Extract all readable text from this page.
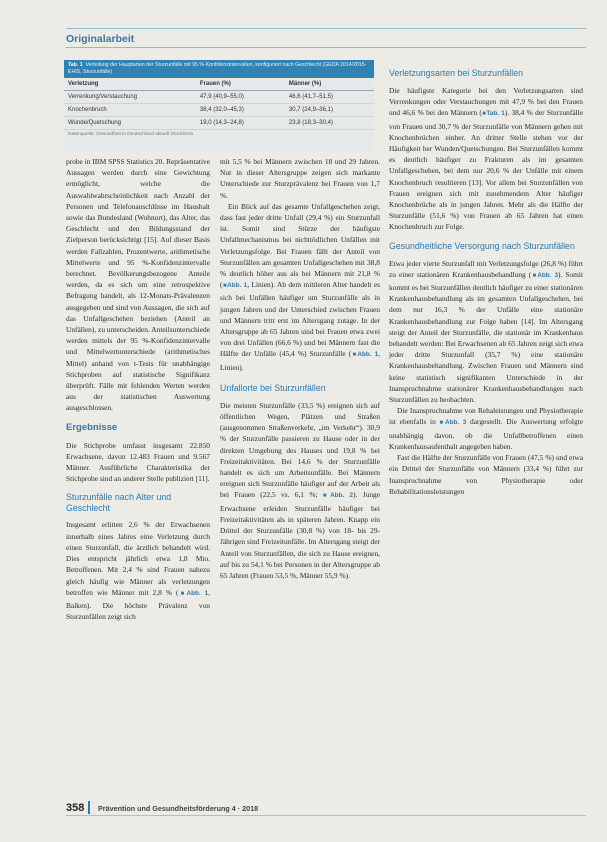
Originalarbeit
Tab. 1 Verteilung der Hauptarten der Sturzunfälle mit 95 %-Konfidenzintervallen, konfiguriert nach Geschlecht (GEDA 2014/2015-EHIS, Sturzunfälle)
Verletzung	Frauen (%)	Männer (%)
Verrenkung/Verstauchung	47,9 (40,9–55,0)	46,6 (41,7–51,5)
Knochenbruch	38,4 (32,0–45,3)	30,7 (24,9–36,1)
Wunde/Quetschung	19,0 (14,3–24,8)	23,8 (18,3–30,4)
Datenquelle: Gesundheit in Deutschland aktuell 2014/2015

probe in IBM SPSS Statistics 20. Repräsentative Aussagen werden durch eine Gewichtung ermöglicht, welche die Auswahlwahrscheinlichkeit nach Anzahl der Personen und Telefonanschlüsse im Haushalt sowie das Bundesland (Wohnort), das Alter, das Geschlecht und den Bildungsstand der Zielperson berücksichtigt [15]. Auf dieser Basis werden Fallzahlen, Prozentwerte, arithmetische Mittelwerte und 95 %-Konfidenzintervalle berechnet. Bevölkerungsbezogene Anteile werden, da es sich um eine retrospektive Befragung handelt, als 12-Monats-Prävalenzen ausgegeben und sind von Aussagen, die sich auf das Unfallgeschehen beziehen (Anteil an Unfällen), zu unterscheiden. Anteilsunterschiede werden mittels der 95 %-Konfidenzintervalle und Mittelwertunterschiede (arithmetisches Mittel) anhand von t-Tests für unabhängige Stichproben auf statistische Signifikanz überprüft. Fälle mit fehlenden Werten werden aus der statistischen Auswertung ausgeschlossen.

Ergebnisse

Die Stichprobe umfasst insgesamt 22.850 Erwachsene, davon 12.483 Frauen und 9.567 Männer. Ausführliche Charakteristika der Stichprobe sind an anderer Stelle publiziert [11].

Sturzunfälle nach Alter und Geschlecht

Insgesamt erlitten 2,6 % der Erwachsenen innerhalb eines Jahres eine Verletzung durch einen Sturzunfall, die ärztlich behandelt wird. Dies entspricht jährlich etwa 1,8 Mio. Betroffenen. Mit 2,4 % sind Frauen nahezu gleich häufig wie Männer als verletzungen betroffen wie Männer mit 2,8 % ( ■ Abb. 1, Balken). Die höchste Prävalenz von Sturzunfällen zeigt sich

mit 5,5 % bei Männern zwischen 18 und 29 Jahren. Nur in dieser Altersgruppe zeigen sich markante Unterschiede zur Sturzprävalenz bei Frauen von 1,7 %.

Ein Blick auf das gesamte Unfallgeschehen zeigt, dass fast jeder dritte Unfall (29,4 %) ein Sturzunfall ist. Somit sind Stürze der häufigste Unfallmechanismus bei nichttödlichen Unfällen mit Verletzungsfolge. Bei Frauen fällt der Anteil von Sturzunfällen am gesamten Unfallgeschehen mit 38,8 % deutlich höher aus als bei Männern mit 21,8 % ( ■ Abb. 1, Linien). Ab dem mittleren Alter handelt es sich bei Unfällen häufiger um Sturzunfälle als in jungen Jahren und der Unterschied zwischen Frauen und Männern tritt erst im Altersgang zutage. In der Altersgruppe ab 65 Jahren sind bei Frauen etwa zwei von drei Unfällen (66,6 %) und bei Männern fast die Hälfte der Unfälle (45,4 %) Sturzunfälle ( ■ Abb. 1, Linien).

Unfallorte bei Sturzunfällen

Die meisten Sturzunfälle (33,5 %) ereignen sich auf öffentlichen Wegen, Plätzen und Straßen (ausgenommen Straßenverkehr, „im Verkehr“). 30,9 % der Sturzunfälle passieren zu Hause oder in der direkten Umgebung des Hauses und 19,8 % bei Freizeitaktivitäten. Bei 14,6 % der Sturzunfälle handelt es sich um Arbeitsunfälle. Bei Männern ereignen sich Sturzunfälle häufiger auf der Arbeit als bei Frauen (22,5 vs. 6,1 %; ■ Abb. 2). Junge Erwachsene erleiden Sturzunfälle häufiger bei Freizeitaktivitäten als in späteren Jahren. Knapp ein Drittel der Sturzunfälle (30,8 %) von 18- bis 29-Jährigen sind Freizeitunfälle. Im Altersgang steigt der Anteil von Sturzunfällen, die sich zu Hause ereignen, auf bis zu 54,1 % bei Personen in der Altersgruppe ab 65 Jahren (Frauen 53,5 %, Männer 55,9 %).

Verletzungsarten bei Sturzunfällen

Die häufigste Kategorie bei den Verletzungsarten sind Verrenkungen oder Verstauchungen mit 47,9 % bei den Frauen und 46,6 % bei den Männern ( ■ Tab. 1). 38,4 % der Sturzunfälle von Frauen und 30,7 % der Sturzunfälle von Männern gehen mit Knochenbrüchen einher. An dritter Stelle stehen vor der Häufigkeit her Wunden/Quetschungen. Bei Sturzunfällen kommt es deutlich häufiger zu Frakturen als im gesamten Unfallgeschehen, bei dem nur 20,6 % der Unfälle mit einem Knochenbruch resultieren [13]. Vor allem bei Sturzunfällen von Frauen ereignen sich mit zunehmendem Alter häufiger Knochenbrüche als in jungen Jahren. Mehr als die Hälfte der Sturzunfälle (51,6 %) von Frauen ab 65 Jahren hat einen Knochenbruch zur Folge.

Gesundheitliche Versorgung nach Sturzunfällen

Etwa jeder vierte Sturzunfall mit Verletzungsfolge (26,8 %) führt zu einer stationären Krankenhausbehandlung ( ■ Abb. 3). Somit kommt es bei Sturzunfällen deutlich häufiger zu einer stationären Krankenhausbehandlung als im gesamten Unfallgeschehen, bei dem nur 16,3 % der Unfälle eine stationäre Krankenhausbehandlung zur Folge haben [14]. Im Altersgang steigt der Anteil der Sturzunfälle, die stationär im Krankenhaus behandelt werden: Bei Erwachsenen ab 65 Jahren zeigt sich etwa jeder dritte Sturzunfall (35,7 %) eine stationäre Krankenhausbehandlung. Zwischen Frauen und Männern sind keine statistisch signifikanten Unterschiede in der Inanspruchnahme stationärer Krankenhausbehandlungen nach Sturzunfällen zu beobachten.

Die Inanspruchnahme von Rehaleistungen und Physiotherapie ist ebenfalls in ■ Abb. 3 dargestellt. Die Auswertung erfolgte unabhängig davon, ob die Unfallbetroffenen einen Krankenhausaufenthalt angegeben haben.

Fast die Hälfte der Sturzunfälle von Frauen (47,5 %) und etwa ein Drittel der Sturzunfälle von Männern (33,4 %) führt zur Inanspruchnahme von Physiotherapie oder Rehabilitationsleistungen

358 Prävention und Gesundheitsförderung 4 · 2018
